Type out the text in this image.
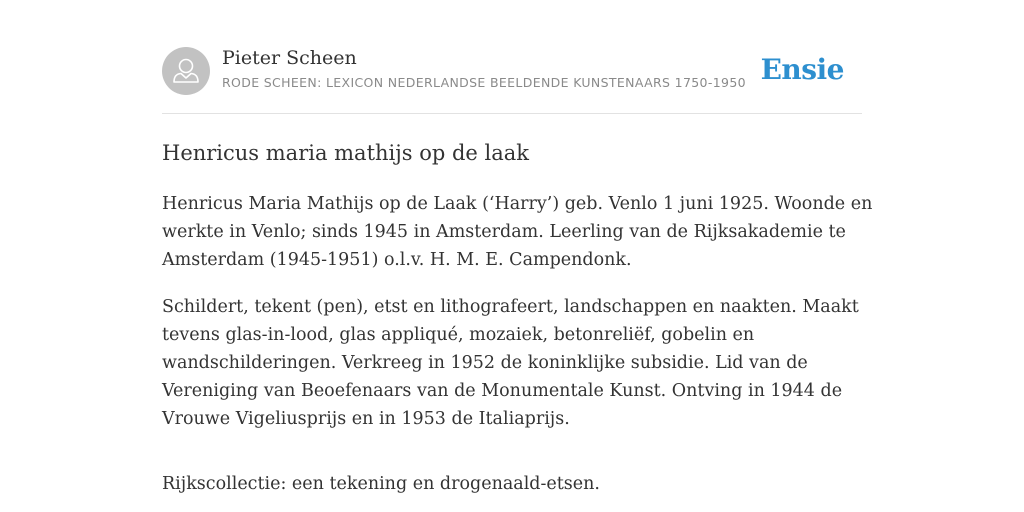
Pieter Scheen
RODE SCHEEN: LEXICON NEDERLANDSE BEELDENDE KUNSTENAARS 1750-1950 Ensie
Henricus maria mathijs op de laak

Henricus Maria Mathijs op de Laak (‘Harry’) geb. Venlo 1 juni 1925. Woonde en
werkte in Venlo; sinds 1945 in Amsterdam. Leerling van de Rijksakademie te
Amsterdam (1945-1951) o.l.v. H. M. E. Campendonk.

Schildert, tekent (pen), etst en lithografeert, landschappen en naakten. Maakt
tevens glas-in-lood, glas appliqué, mozaiek, betonreliëf, gobelin en
wandschilderingen. Verkreeg in 1952 de koninklijke subsidie. Lid van de
Vereniging van Beoefenaars van de Monumentale Kunst. Ontving in 1944 de
Vrouwe Vigeliusprijs en in 1953 de Italiaprijs.

Rijkscollectie: een tekening en drogenaald-etsen.
